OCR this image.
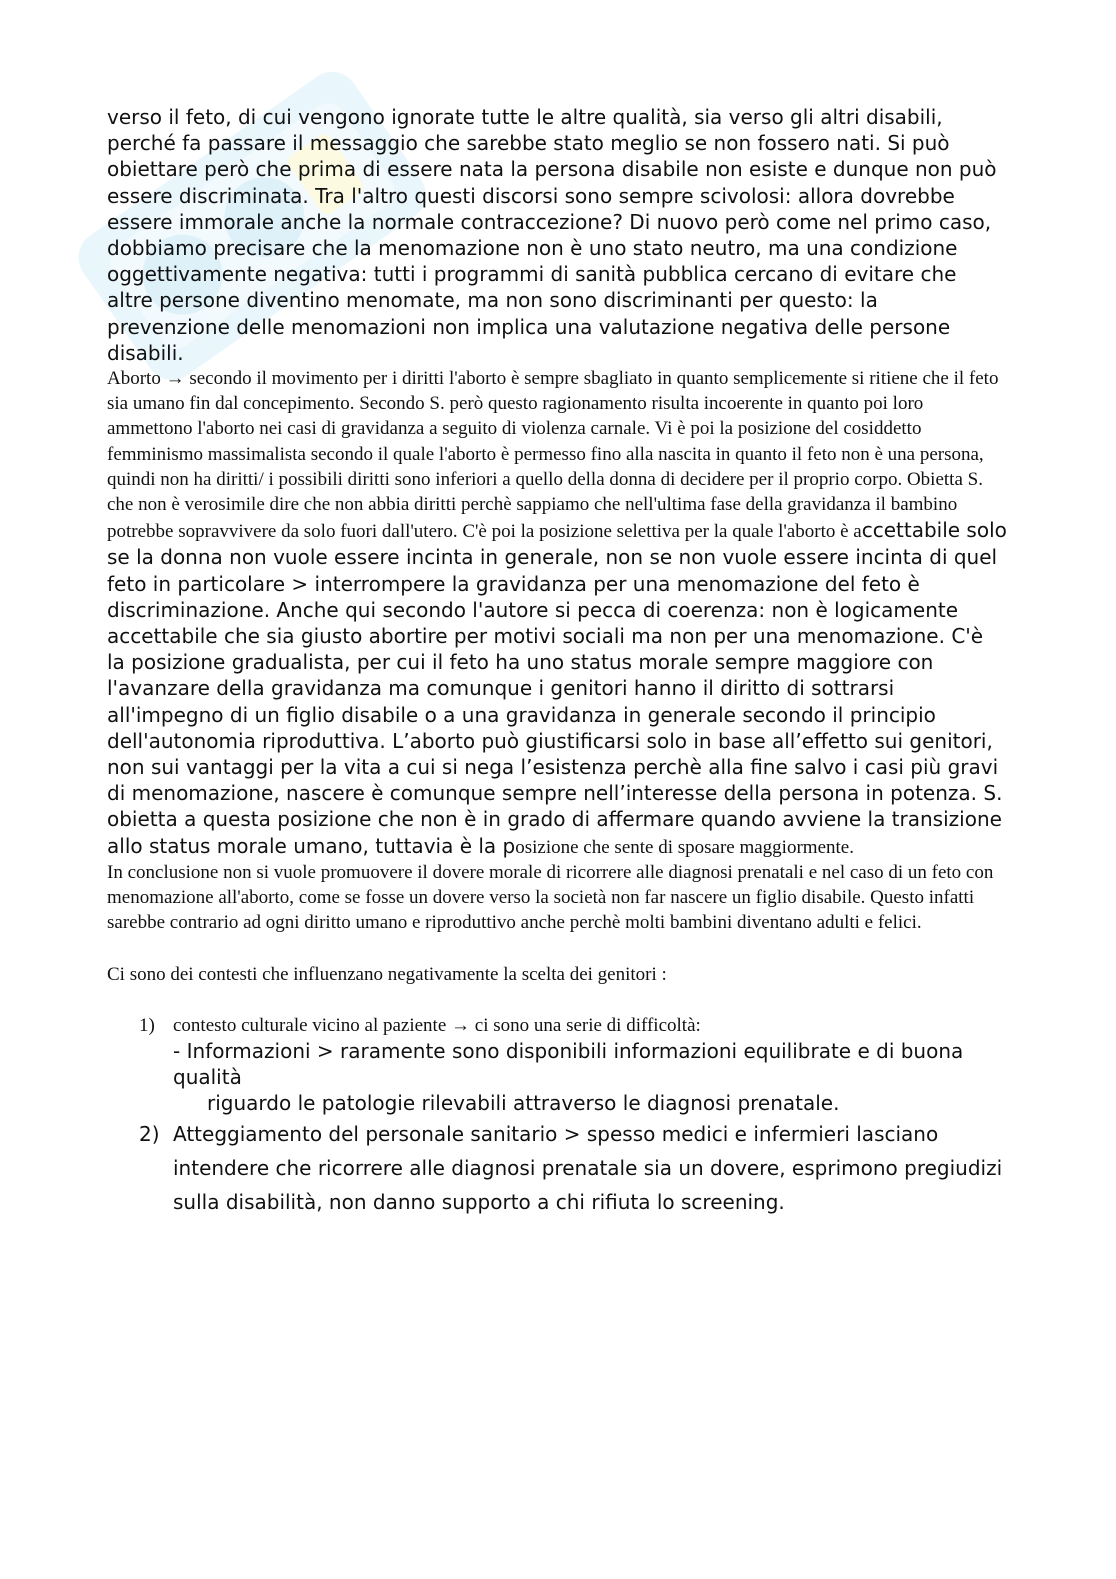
verso il feto, di cui vengono ignorate tutte le altre qualità, sia verso gli altri disabili, perché fa passare il messaggio che sarebbe stato meglio se non fossero nati. Si può obiettare però che prima di essere nata la persona disabile non esiste e dunque non può essere discriminata. Tra l'altro questi discorsi sono sempre scivolosi: allora dovrebbe essere immorale anche la normale contraccezione? Di nuovo però come nel primo caso, dobbiamo precisare che la menomazione non è uno stato neutro, ma una condizione oggettivamente negativa: tutti i programmi di sanità pubblica cercano di evitare che altre persone diventino menomate, ma non sono discriminanti per questo: la prevenzione delle menomazioni non implica una valutazione negativa delle persone disabili.

Aborto → secondo il movimento per i diritti l'aborto è sempre sbagliato in quanto semplicemente si ritiene che il feto sia umano fin dal concepimento. Secondo S. però questo ragionamento risulta incoerente in quanto poi loro ammettono l'aborto nei casi di gravidanza a seguito di violenza carnale. Vi è poi la posizione del cosiddetto femminismo massimalista secondo il quale l'aborto è permesso fino alla nascita in quanto il feto non è una persona, quindi non ha diritti/ i possibili diritti sono inferiori a quello della donna di decidere per il proprio corpo. Obietta S. che non è verosimile dire che non abbia diritti perchè sappiamo che nell'ultima fase della gravidanza il bambino potrebbe sopravvivere da solo fuori dall'utero. C'è poi la posizione selettiva per la quale l'aborto è accettabile solo se la donna non vuole essere incinta in generale, non se non vuole essere incinta di quel feto in particolare > interrompere la gravidanza per una menomazione del feto è discriminazione. Anche qui secondo l'autore si pecca di coerenza: non è logicamente accettabile che sia giusto abortire per motivi sociali ma non per una menomazione. C'è la posizione gradualista, per cui il feto ha uno status morale sempre maggiore con l'avanzare della gravidanza ma comunque i genitori hanno il diritto di sottrarsi all'impegno di un figlio disabile o a una gravidanza in generale secondo il principio dell'autonomia riproduttiva. L’aborto può giustificarsi solo in base all’effetto sui genitori, non sui vantaggi per la vita a cui si nega l’esistenza perchè alla fine salvo i casi più gravi di menomazione, nascere è comunque sempre nell’interesse della persona in potenza. S. obietta a questa posizione che non è in grado di affermare quando avviene la transizione allo status morale umano, tuttavia è la posizione che sente di sposare maggiormente.

In conclusione non si vuole promuovere il dovere morale di ricorrere alle diagnosi prenatali e nel caso di un feto con menomazione all'aborto, come se fosse un dovere verso la società non far nascere un figlio disabile. Questo infatti sarebbe contrario ad ogni diritto umano e riproduttivo anche perchè molti bambini diventano adulti e felici.

Ci sono dei contesti che influenzano negativamente la scelta dei genitori :

1) contesto culturale vicino al paziente → ci sono una serie di difficoltà:

- Informazioni > raramente sono disponibili informazioni equilibrate e di buona qualità

riguardo le patologie rilevabili attraverso le diagnosi prenatale.

2) Atteggiamento del personale sanitario > spesso medici e infermieri lasciano intendere che ricorrere alle diagnosi prenatale sia un dovere, esprimono pregiudizi sulla disabilità, non danno supporto a chi rifiuta lo screening.
